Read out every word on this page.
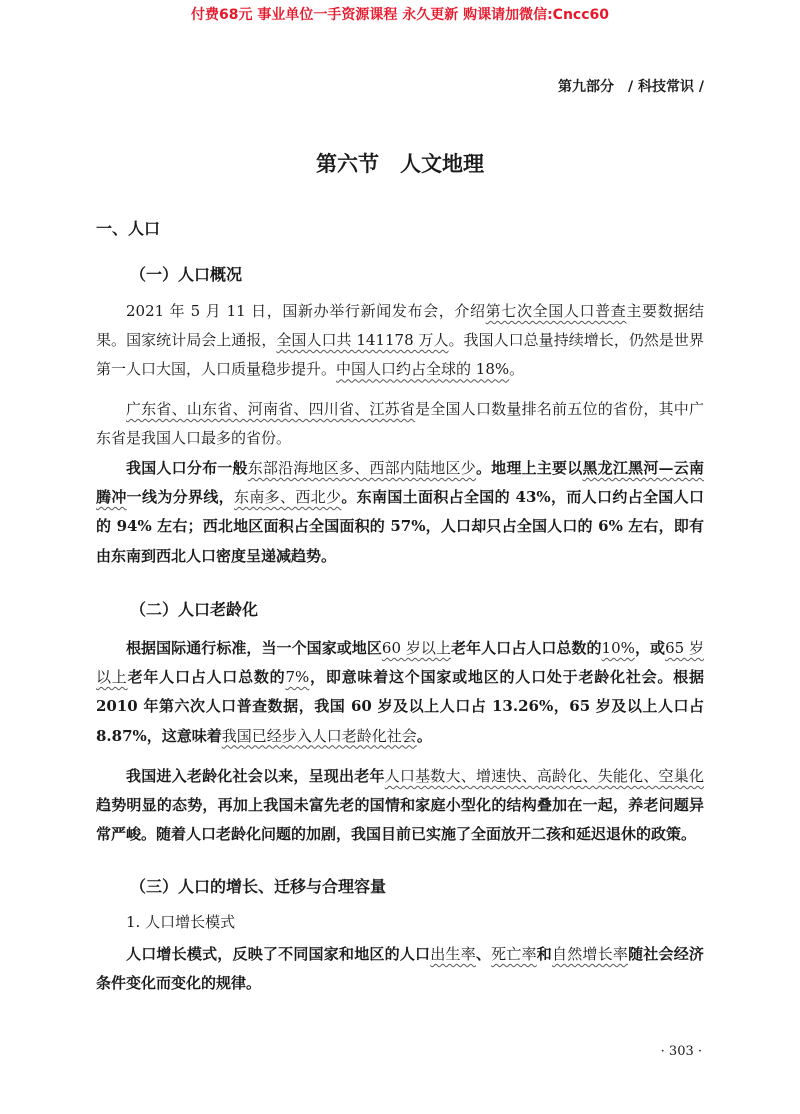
付费68元 事业单位一手资源课程 永久更新 购课请加微信:Cncc60
第九部分　/ 科技常识 /
第六节　人文地理
一、人口
（一）人口概况
2021 年 5 月 11 日，国新办举行新闻发布会，介绍第七次全国人口普查主要数据结果。国家统计局会上通报，全国人口共 141178 万人。我国人口总量持续增长，仍然是世界第一人口大国，人口质量稳步提升。中国人口约占全球的 18%。
广东省、山东省、河南省、四川省、江苏省是全国人口数量排名前五位的省份，其中广东省是我国人口最多的省份。
我国人口分布一般东部沿海地区多、西部内陆地区少。地理上主要以黑龙江黑河—云南腾冲一线为分界线，东南多、西北少。东南国土面积占全国的 43%，而人口约占全国人口的 94% 左右；西北地区面积占全国面积的 57%，人口却只占全国人口的 6% 左右，即有由东南到西北人口密度呈递减趋势。
（二）人口老龄化
根据国际通行标准，当一个国家或地区60 岁以上老年人口占人口总数的10%，或65 岁以上老年人口占人口总数的7%，即意味着这个国家或地区的人口处于老龄化社会。根据 2010 年第六次人口普查数据，我国 60 岁及以上人口占 13.26%，65 岁及以上人口占 8.87%，这意味着我国已经步入人口老龄化社会。
我国进入老龄化社会以来，呈现出老年人口基数大、增速快、高龄化、失能化、空巢化趋势明显的态势，再加上我国未富先老的国情和家庭小型化的结构叠加在一起，养老问题异常严峻。随着人口老龄化问题的加剧，我国目前已实施了全面放开二孩和延迟退休的政策。
（三）人口的增长、迁移与合理容量
1. 人口增长模式
人口增长模式，反映了不同国家和地区的人口出生率、死亡率和自然增长率随社会经济条件变化而变化的规律。
· 303 ·
